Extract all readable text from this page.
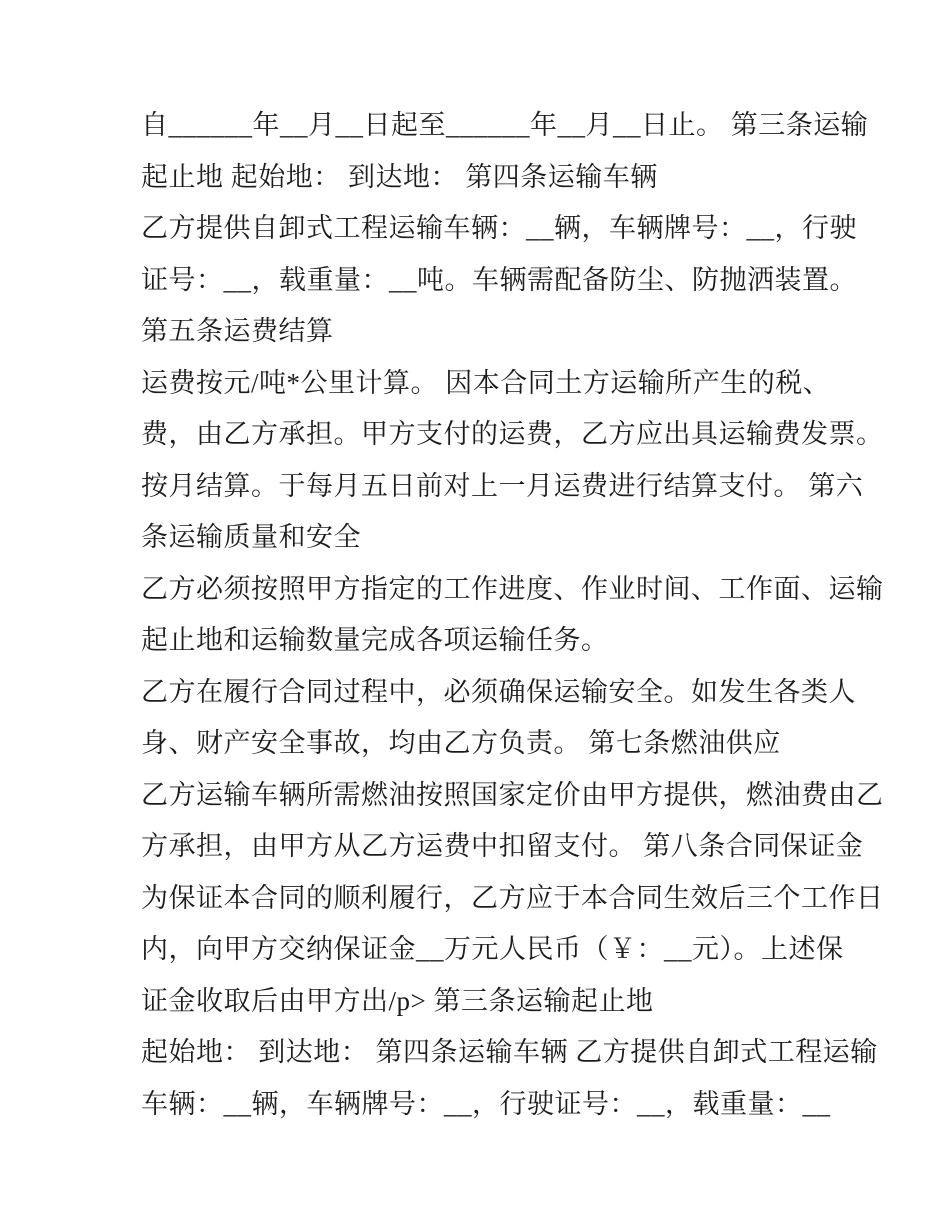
自______年__月__日起至______年__月__日止。 第三条运输

起止地 起始地： 到达地： 第四条运输车辆

乙方提供自卸式工程运输车辆：__辆，车辆牌号：__，行驶

证号：__，载重量：__吨。车辆需配备防尘、防抛洒装置。

第五条运费结算

运费按元/吨*公里计算。 因本合同土方运输所产生的税、

费，由乙方承担。甲方支付的运费，乙方应出具运输费发票。

按月结算。于每月五日前对上一月运费进行结算支付。 第六

条运输质量和安全

乙方必须按照甲方指定的工作进度、作业时间、工作面、运输

起止地和运输数量完成各项运输任务。

乙方在履行合同过程中，必须确保运输安全。如发生各类人

身、财产安全事故，均由乙方负责。 第七条燃油供应

乙方运输车辆所需燃油按照国家定价由甲方提供，燃油费由乙

方承担，由甲方从乙方运费中扣留支付。 第八条合同保证金

为保证本合同的顺利履行，乙方应于本合同生效后三个工作日

内，向甲方交纳保证金__万元人民币（￥：__元）。上述保

证金收取后由甲方出/p> 第三条运输起止地

起始地： 到达地： 第四条运输车辆 乙方提供自卸式工程运输

车辆：__辆，车辆牌号：__，行驶证号：__，载重量：__
